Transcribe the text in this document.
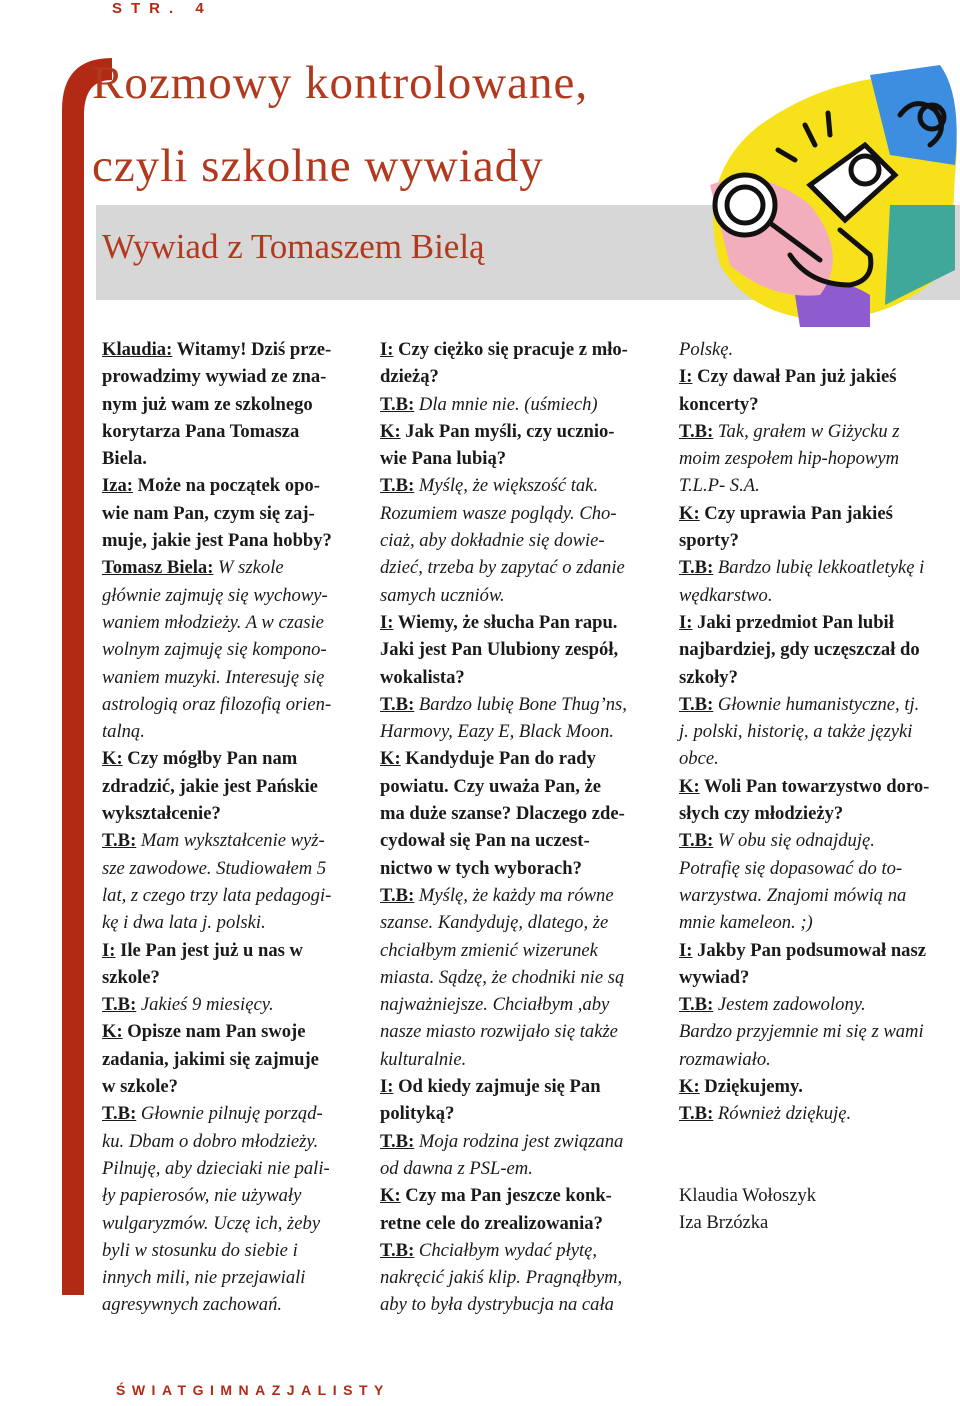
STR. 4
Rozmowy kontrolowane,
czyli szkolne wywiady
Wywiad z Tomaszem Bielą
Klaudia: Witamy! Dziś prze-
prowadzimy wywiad ze zna-
nym już wam ze szkolnego
korytarza Pana Tomasza
Biela.
Iza: Może na początek opo-
wie nam Pan, czym się zaj-
muje, jakie jest Pana hobby?
Tomasz Biela: W szkole
głównie zajmuję się wychowy-
waniem młodzieży. A w czasie
wolnym zajmuję się kompono-
waniem muzyki. Interesuję się
astrologią oraz filozofią orien-
talną.
K: Czy mógłby Pan nam
zdradzić, jakie jest Pańskie
wykształcenie?
T.B: Mam wykształcenie wyż-
sze zawodowe. Studiowałem 5
lat, z czego trzy lata pedagogi-
kę i dwa lata j. polski.
I: Ile Pan jest już u nas w
szkole?
T.B: Jakieś 9 miesięcy.
K: Opisze nam Pan swoje
zadania, jakimi się zajmuje
w szkole?
T.B: Głownie pilnuję porząd-
ku. Dbam o dobro młodzieży.
Pilnuję, aby dzieciaki nie pali-
ły papierosów, nie używały
wulgaryzmów. Uczę ich, żeby
byli w stosunku do siebie i
innych mili, nie przejawiali
agresywnych zachowań.
I: Czy ciężko się pracuje z mło-
dzieżą?
T.B: Dla mnie nie. (uśmiech)
K: Jak Pan myśli, czy ucznio-
wie Pana lubią?
T.B: Myślę, że większość tak.
Rozumiem wasze poglądy. Cho-
ciaż, aby dokładnie się dowie-
dzieć, trzeba by zapytać o zdanie
samych uczniów.
I: Wiemy, że słucha Pan rapu.
Jaki jest Pan Ulubiony zespół,
wokalista?
T.B: Bardzo lubię Bone Thug’ns,
Harmovy, Eazy E, Black Moon.
K: Kandyduje Pan do rady
powiatu. Czy uważa Pan, że
ma duże szanse? Dlaczego zde-
cydował się Pan na uczest-
nictwo w tych wyborach?
T.B: Myślę, że każdy ma równe
szanse. Kandyduję, dlatego, że
chciałbym zmienić wizerunek
miasta. Sądzę, że chodniki nie są
najważniejsze. Chciałbym ,aby
nasze miasto rozwijało się także
kulturalnie.
I: Od kiedy zajmuje się Pan
polityką?
T.B: Moja rodzina jest związana
od dawna z PSL-em.
K: Czy ma Pan jeszcze konk-
retne cele do zrealizowania?
T.B: Chciałbym wydać płytę,
nakręcić jakiś klip. Pragnąłbym,
aby to była dystrybucja na cała
Polskę.
I: Czy dawał Pan już jakieś
koncerty?
T.B: Tak, grałem w Giżycku z
moim zespołem hip-hopowym
T.L.P- S.A.
K: Czy uprawia Pan jakieś
sporty?
T.B: Bardzo lubię lekkoatletykę i
wędkarstwo.
I: Jaki przedmiot Pan lubił
najbardziej, gdy uczęszczał do
szkoły?
T.B: Głownie humanistyczne, tj.
j. polski, historię, a także języki
obce.
K: Woli Pan towarzystwo doro-
słych czy młodzieży?
T.B: W obu się odnajduję.
Potrafię się dopasować do to-
warzystwa. Znajomi mówią na
mnie kameleon. ;)
I: Jakby Pan podsumował nasz
wywiad?
T.B: Jestem zadowolony.
Bardzo przyjemnie mi się z wami
rozmawiało.
K: Dziękujemy.
T.B: Również dziękuję.
Klaudia Wołoszyk
Iza Brzózka
ŚWIATGIMNAZJALISTY
